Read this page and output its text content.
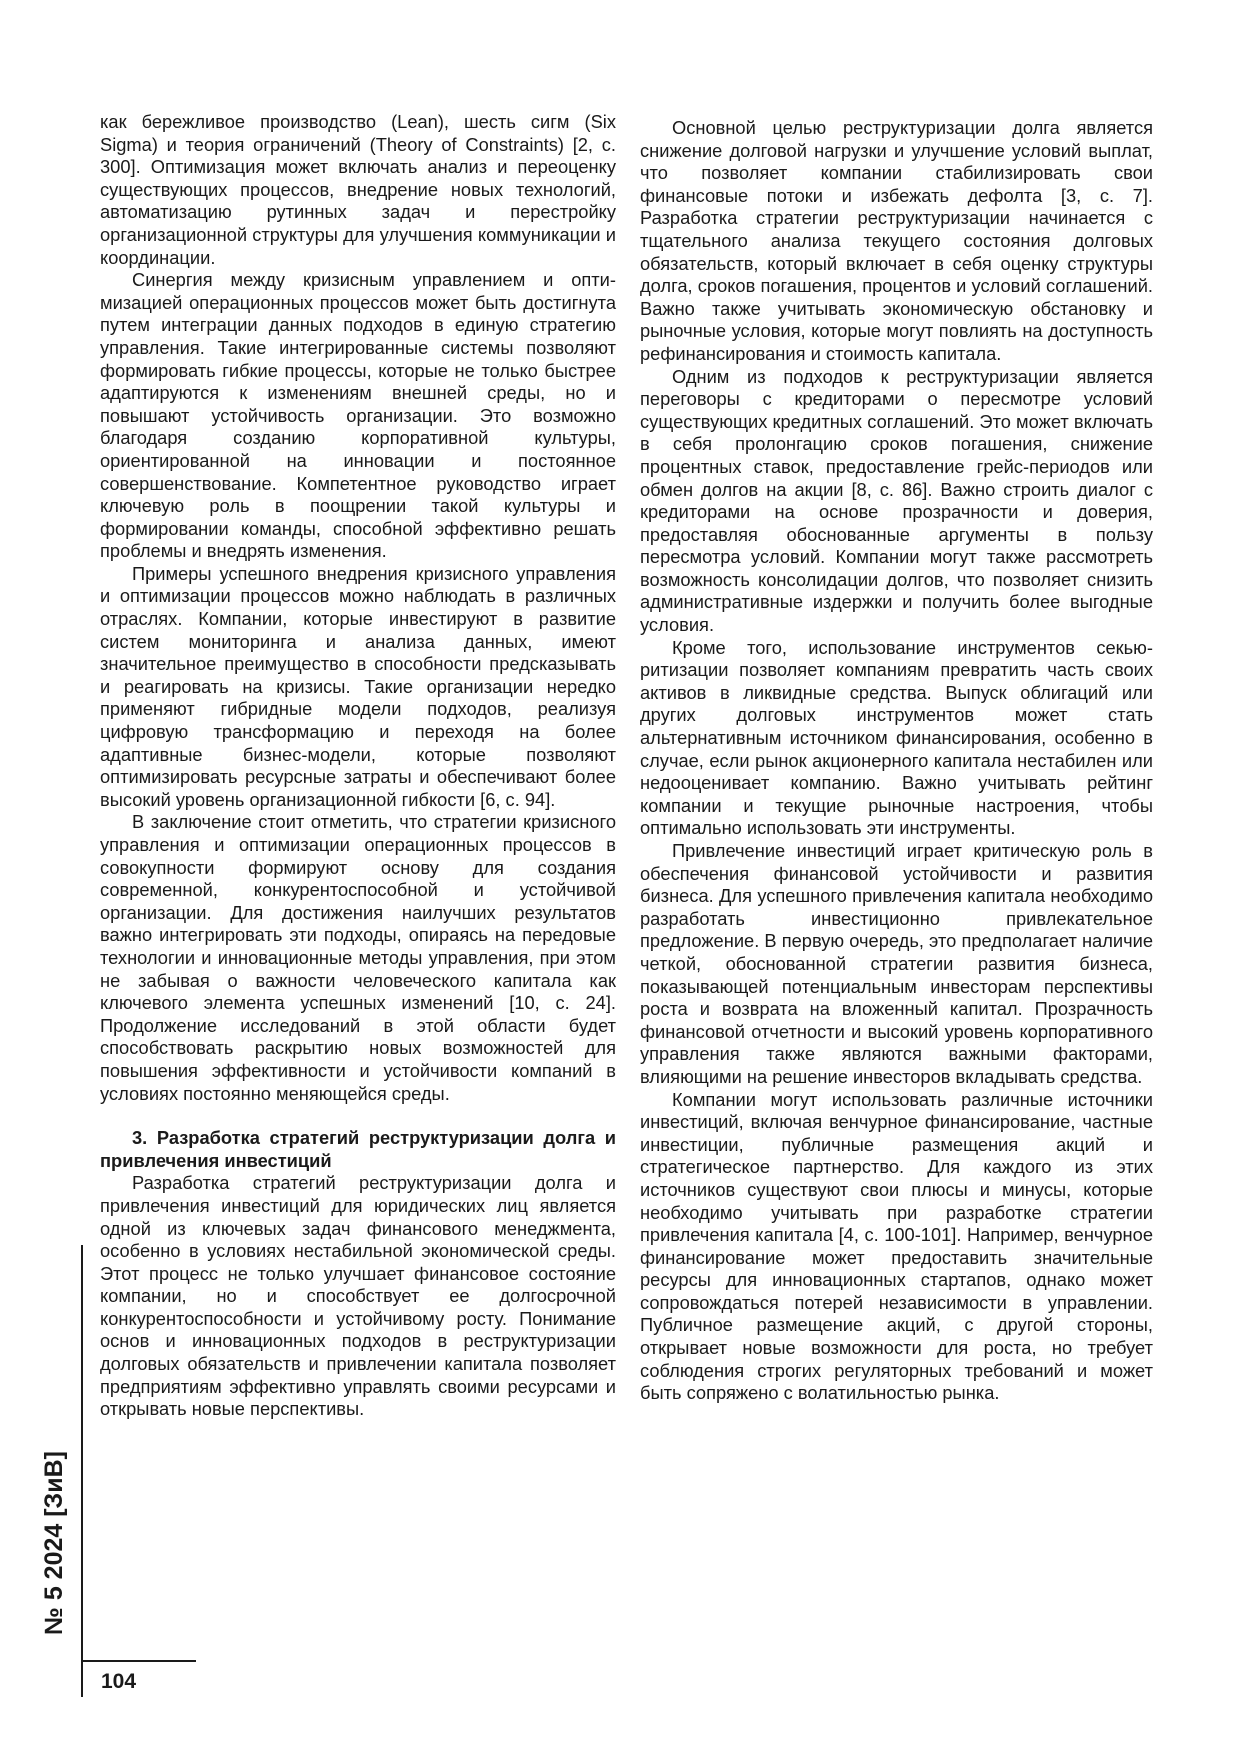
как бережливое производство (Lean), шесть сигм (Six Sigma) и теория ограничений (Theory of Constraints) [2, с. 300]. Оптимизация может включать анализ и переоценку существующих процессов, внедрение новых технологий, автоматизацию рутинных задач и перестройку организационной структуры для улучшения коммуникации и координации.

Синергия между кризисным управлением и оптимизацией операционных процессов может быть достигнута путем интеграции данных подходов в единую стратегию управления. Такие интегрированные системы позволяют формировать гибкие процессы, которые не только быстрее адаптируются к изменениям внешней среды, но и повышают устойчивость организации. Это возможно благодаря созданию корпоративной культуры, ориентированной на инновации и постоянное совершенствование. Компетентное руководство играет ключевую роль в поощрении такой культуры и формировании команды, способной эффективно решать проблемы и внедрять изменения.

Примеры успешного внедрения кризисного управления и оптимизации процессов можно наблюдать в различных отраслях. Компании, которые инвестируют в развитие систем мониторинга и анализа данных, имеют значительное преимущество в способности предсказывать и реагировать на кризисы. Такие организации нередко применяют гибридные модели подходов, реализуя цифровую трансформацию и переходя на более адаптивные бизнес-модели, которые позволяют оптимизировать ресурсные затраты и обеспечивают более высокий уровень организационной гибкости [6, с. 94].

В заключение стоит отметить, что стратегии кризисного управления и оптимизации операционных процессов в совокупности формируют основу для создания современной, конкурентоспособной и устойчивой организации. Для достижения наилучших результатов важно интегрировать эти подходы, опираясь на передовые технологии и инновационные методы управления, при этом не забывая о важности человеческого капитала как ключевого элемента успешных изменений [10, с. 24]. Продолжение исследований в этой области будет способствовать раскрытию новых возможностей для повышения эффективности и устойчивости компаний в условиях постоянно меняющейся среды.

3. Разработка стратегий реструктуризации долга и привлечения инвестиций

Разработка стратегий реструктуризации долга и привлечения инвестиций для юридических лиц является одной из ключевых задач финансового менеджмента, особенно в условиях нестабильной экономической среды. Этот процесс не только улучшает финансовое состояние компании, но и способствует ее долгосрочной конкурентоспособности и устойчивому росту. Понимание основ и инновационных подходов в реструктуризации долговых обязательств и привлечении капитала позволяет предприятиям эффективно управлять своими ресурсами и открывать новые перспективы.

Основной целью реструктуризации долга является снижение долговой нагрузки и улучшение условий выплат, что позволяет компании стабилизировать свои финансовые потоки и избежать дефолта [3, с. 7]. Разработка стратегии реструктуризации начинается с тщательного анализа текущего состояния долговых обязательств, который включает в себя оценку структуры долга, сроков погашения, процентов и условий соглашений. Важно также учитывать экономическую обстановку и рыночные условия, которые могут повлиять на доступность рефинансирования и стоимость капитала.

Одним из подходов к реструктуризации является переговоры с кредиторами о пересмотре условий существующих кредитных соглашений. Это может включать в себя пролонгацию сроков погашения, снижение процентных ставок, предоставление грейс-периодов или обмен долгов на акции [8, с. 86]. Важно строить диалог с кредиторами на основе прозрачности и доверия, предоставляя обоснованные аргументы в пользу пересмотра условий. Компании могут также рассмотреть возможность консолидации долгов, что позволяет снизить административные издержки и получить более выгодные условия.

Кроме того, использование инструментов секьюритизации позволяет компаниям превратить часть своих активов в ликвидные средства. Выпуск облигаций или других долговых инструментов может стать альтернативным источником финансирования, особенно в случае, если рынок акционерного капитала нестабилен или недооценивает компанию. Важно учитывать рейтинг компании и текущие рыночные настроения, чтобы оптимально использовать эти инструменты.

Привлечение инвестиций играет критическую роль в обеспечения финансовой устойчивости и развития бизнеса. Для успешного привлечения капитала необходимо разработать инвестиционно привлекательное предложение. В первую очередь, это предполагает наличие четкой, обоснованной стратегии развития бизнеса, показывающей потенциальным инвесторам перспективы роста и возврата на вложенный капитал. Прозрачность финансовой отчетности и высокий уровень корпоративного управления также являются важными факторами, влияющими на решение инвесторов вкладывать средства.

Компании могут использовать различные источники инвестиций, включая венчурное финансирование, частные инвестиции, публичные размещения акций и стратегическое партнерство. Для каждого из этих источников существуют свои плюсы и минусы, которые необходимо учитывать при разработке стратегии привлечения капитала [4, с. 100-101]. Например, венчурное финансирование может предоставить значительные ресурсы для инновационных стартапов, однако может сопровождаться потерей независимости в управлении. Публичное размещение акций, с другой стороны, открывает новые возможности для роста, но требует соблюдения строгих регуляторных требований и может быть сопряжено с волатильностью рынка.

№ 5 2024 [ЗиВ]
104
